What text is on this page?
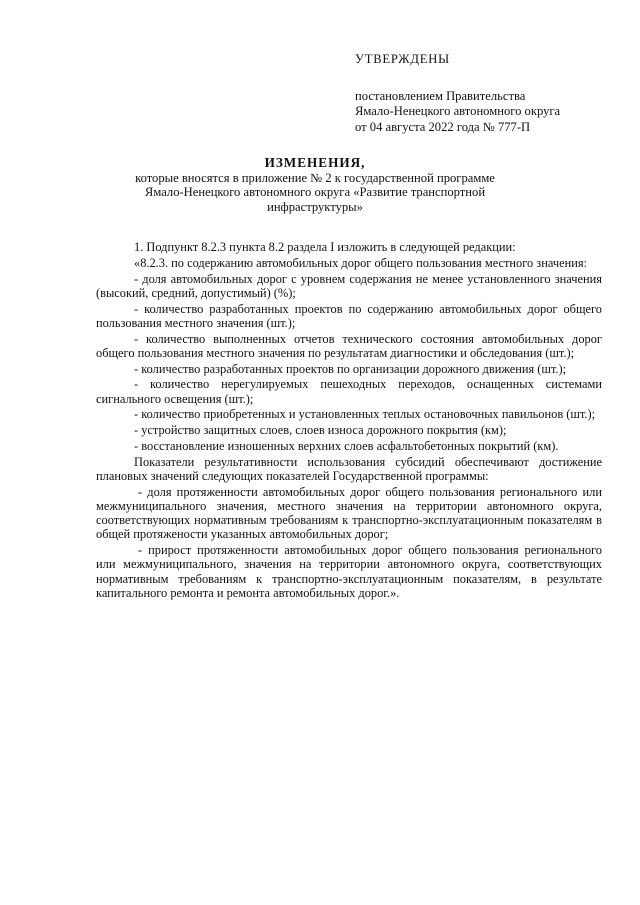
УТВЕРЖДЕНЫ
постановлением Правительства
Ямало-Ненецкого автономного округа
от 04 августа 2022 года № 777-П
ИЗМЕНЕНИЯ,
которые вносятся в приложение № 2 к государственной программе
Ямало-Ненецкого автономного округа «Развитие транспортной
инфраструктуры»

1. Подпункт 8.2.3 пункта 8.2 раздела I изложить в следующей редакции:

«8.2.3. по содержанию автомобильных дорог общего пользования местного значения:

- доля автомобильных дорог с уровнем содержания не менее установленного значения (высокий, средний, допустимый) (%);

- количество разработанных проектов по содержанию автомобильных дорог общего пользования местного значения (шт.);

- количество выполненных отчетов технического состояния автомобильных дорог общего пользования местного значения по результатам диагностики и обследования (шт.);

- количество разработанных проектов по организации дорожного движения (шт.);

- количество нерегулируемых пешеходных переходов, оснащенных системами сигнального освещения (шт.);

- количество приобретенных и установленных теплых остановочных павильонов (шт.);

- устройство защитных слоев, слоев износа дорожного покрытия (км);

- восстановление изношенных верхних слоев асфальтобетонных покрытий (км).

Показатели результативности использования субсидий обеспечивают достижение плановых значений следующих показателей Государственной программы:

- доля протяженности автомобильных дорог общего пользования регионального или межмуниципального значения, местного значения на территории автономного округа, соответствующих нормативным требованиям к транспортно-эксплуатационным показателям в общей протяжености указанных автомобильных дорог;

- прирост протяженности автомобильных дорог общего пользования регионального или межмуниципального, значения на территории автономного округа, соответствующих нормативным требованиям к транспортно-эксплуатационным показателям, в результате капитального ремонта и ремонта автомобильных дорог.».
